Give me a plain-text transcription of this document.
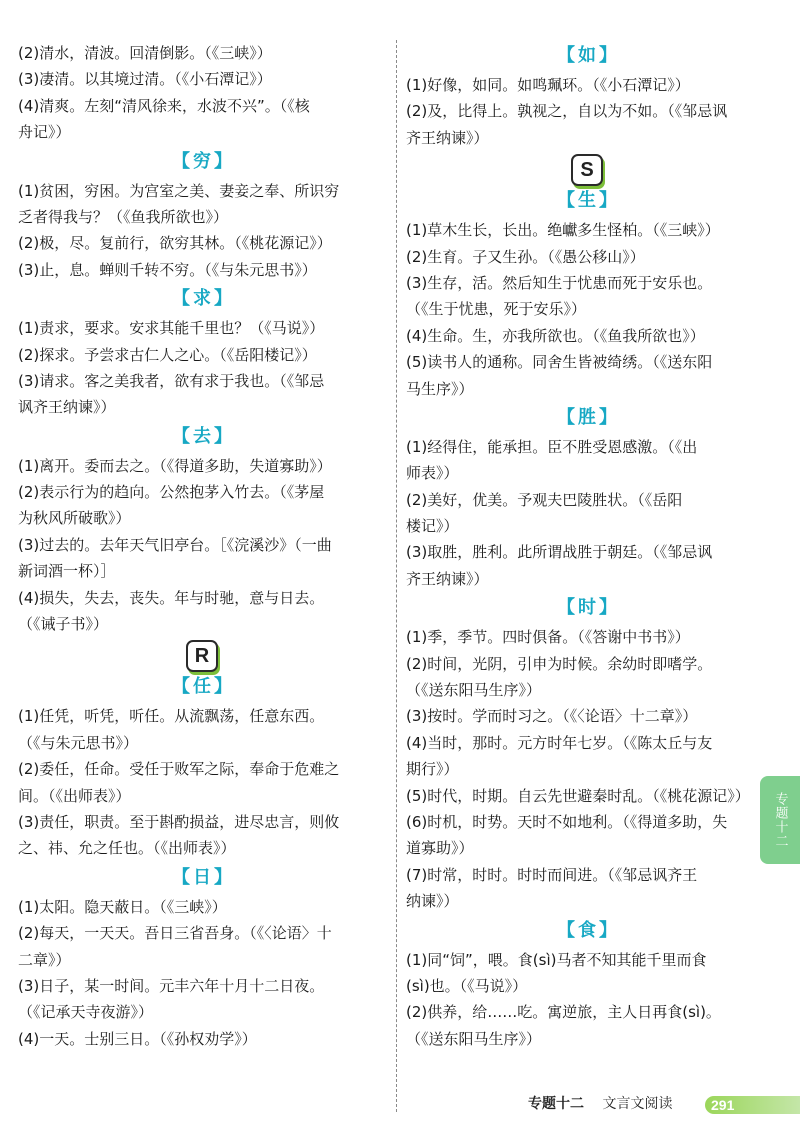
(2)清水，清波。回清倒影。（《三峡》）
(3)凄清。以其境过清。（《小石潭记》）
(4)清爽。左刻“清风徐来，水波不兴”。（《核
舟记》）
【 穷 】
(1)贫困，穷困。为宫室之美、妻妾之奉、所识穷
乏者得我与？（《鱼我所欲也》）
(2)极，尽。复前行，欲穷其林。（《桃花源记》）
(3)止，息。蝉则千转不穷。（《与朱元思书》）
【 求 】
(1)责求，要求。安求其能千里也？（《马说》）
(2)探求。予尝求古仁人之心。（《岳阳楼记》）
(3)请求。客之美我者，欲有求于我也。（《邹忌
讽齐王纳谏》）
【 去 】
(1)离开。委而去之。（《得道多助，失道寡助》）
(2)表示行为的趋向。公然抱茅入竹去。（《茅屋
为秋风所破歌》）
(3)过去的。去年天气旧亭台。［《浣溪沙》（一曲
新词酒一杯）］
(4)损失，失去，丧失。年与时驰，意与日去。
（《诫子书》）
R
【 任 】
(1)任凭，听凭，听任。从流飘荡，任意东西。
（《与朱元思书》）
(2)委任，任命。受任于败军之际，奉命于危难之
间。（《出师表》）
(3)责任，职责。至于斟酌损益，进尽忠言，则攸
之、祎、允之任也。（《出师表》）
【 日 】
(1)太阳。隐天蔽日。（《三峡》）
(2)每天，一天天。吾日三省吾身。（《〈论语〉十
二章》）
(3)日子，某一时间。元丰六年十月十二日夜。
（《记承天寺夜游》）
(4)一天。士别三日。（《孙权劝学》）
【 如 】
(1)好像，如同。如鸣珮环。（《小石潭记》）
(2)及，比得上。孰视之，自以为不如。（《邹忌讽
齐王纳谏》）
S
【 生 】
(1)草木生长，长出。绝巘多生怪柏。（《三峡》）
(2)生育。子又生孙。（《愚公移山》）
(3)生存，活。然后知生于忧患而死于安乐也。
（《生于忧患，死于安乐》）
(4)生命。生，亦我所欲也。（《鱼我所欲也》）
(5)读书人的通称。同舍生皆被绮绣。（《送东阳
马生序》）
【 胜 】
(1)经得住，能承担。臣不胜受恩感激。（《出
师表》）
(2)美好，优美。予观夫巴陵胜状。（《岳阳
楼记》）
(3)取胜，胜利。此所谓战胜于朝廷。（《邹忌讽
齐王纳谏》）
【 时 】
(1)季，季节。四时俱备。（《答谢中书书》）
(2)时间，光阴，引申为时候。余幼时即嗜学。
（《送东阳马生序》）
(3)按时。学而时习之。（《〈论语〉十二章》）
(4)当时，那时。元方时年七岁。（《陈太丘与友
期行》）
(5)时代，时期。自云先世避秦时乱。（《桃花源记》）
(6)时机，时势。天时不如地利。（《得道多助，失
道寡助》）
(7)时常，时时。时时而间进。（《邹忌讽齐王
纳谏》）
【 食 】
(1)同“饲”，喂。食(sì)马者不知其能千里而食
(sì)也。（《马说》）
(2)供养，给……吃。寓逆旅，主人日再食(sì)。
（《送东阳马生序》）
专题十二
专题十二 文言文阅读	291
